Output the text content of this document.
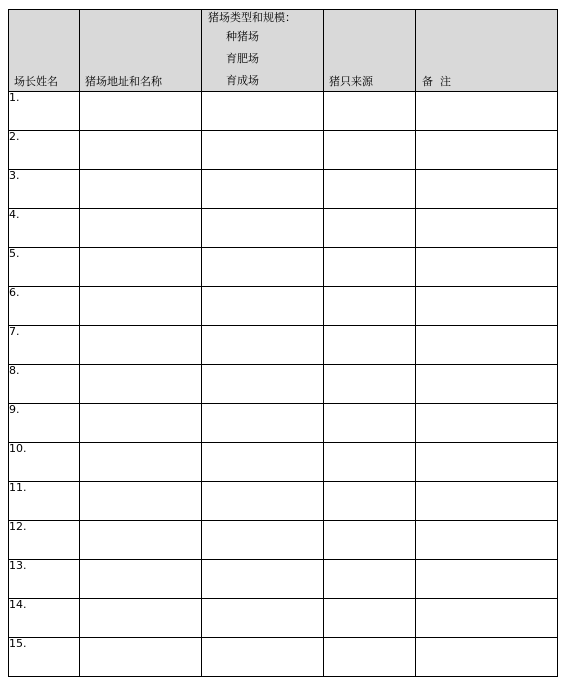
场长姓名	猪场地址和名称	猪场类型和规模：
种猪场
育肥场
育成场	猪只来源	备  注

1.				
2.				
3.				
4.				
5.				
6.				
7.				
8.				
9.				
10.				
11.				
12.				
13.				
14.				
15.				
